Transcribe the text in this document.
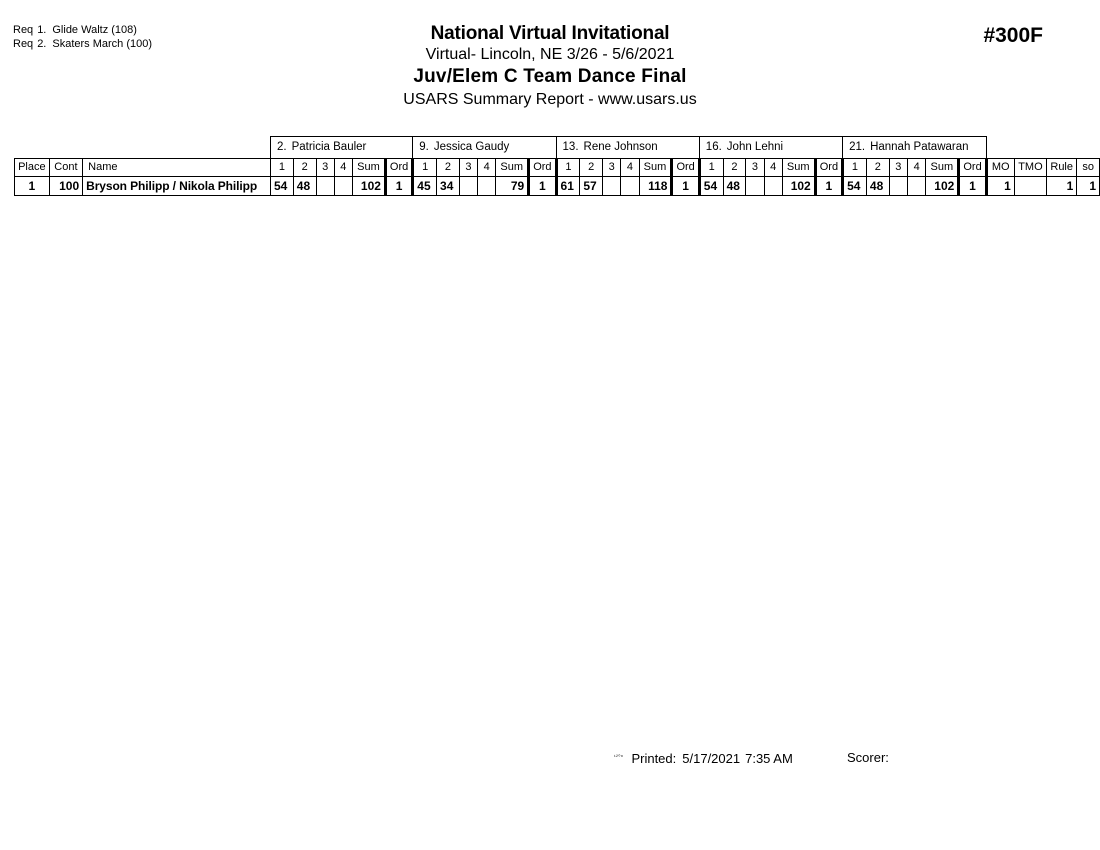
Req 1. Glide Waltz (108)
Req 2. Skaters March (100)	National Virtual Invitational
Virtual- Lincoln, NE 3/26 - 5/6/2021
Juv/Elem C Team Dance Final
USARS Summary Report - www.usars.us
#300F
			2. Patricia Bauler						9. Jessica Gaudy						13. Rene Johnson						16. John Lehni						21. Hannah Patawaran									
Place	Cont	Name	1	2	3	4	Sum	Ord	1	2	3	4	Sum	Ord	1	2	3	4	Sum	Ord	1	2	3	4	Sum	Ord	1	2	3	4	Sum	Ord	MO	TMO	Rule	so
1	100	Bryson Philipp / Nikola Philipp	54	48			102	1	45	34			79	1	61	57			118	1	54	48			102	1	54	48			102	1	1		1	1
$^{^{1208}}$ Printed: 5/17/2021 7:35 AM	Scorer:
